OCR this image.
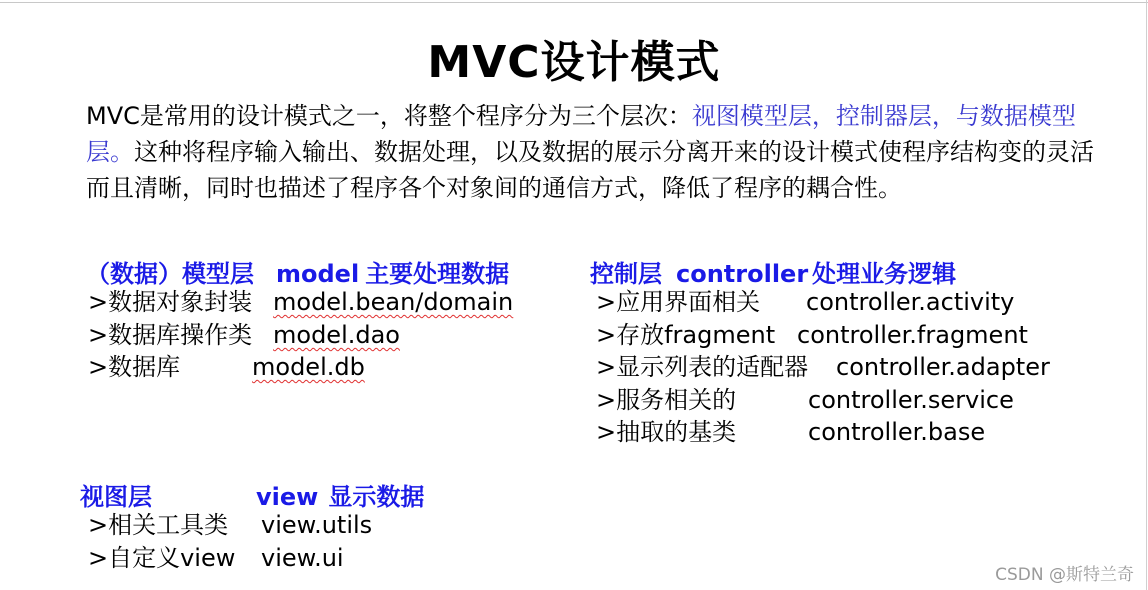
MVC设计模式

MVC是常用的设计模式之一，将整个程序分为三个层次：视图模型层，控制器层，与数据模型层。这种将程序输入输出、数据处理，以及数据的展示分离开来的设计模式使程序结构变的灵活而且清晰，同时也描述了程序各个对象间的通信方式，降低了程序的耦合性。

（数据）模型层 model 主要处理数据
>数据对象封装 model.bean/domain
>数据库操作类 model.dao
>数据库	model.db
控制层 controller 处理业务逻辑
>应用界面相关 controller.activity
>存放fragment controller.fragment
>显示列表的适配器 controller.adapter
>服务相关的	controller.service
>抽取的基类	controller.base
视图层	view 显示数据
>相关工具类 view.utils
>自定义view view.ui
CSDN @斯特兰奇
